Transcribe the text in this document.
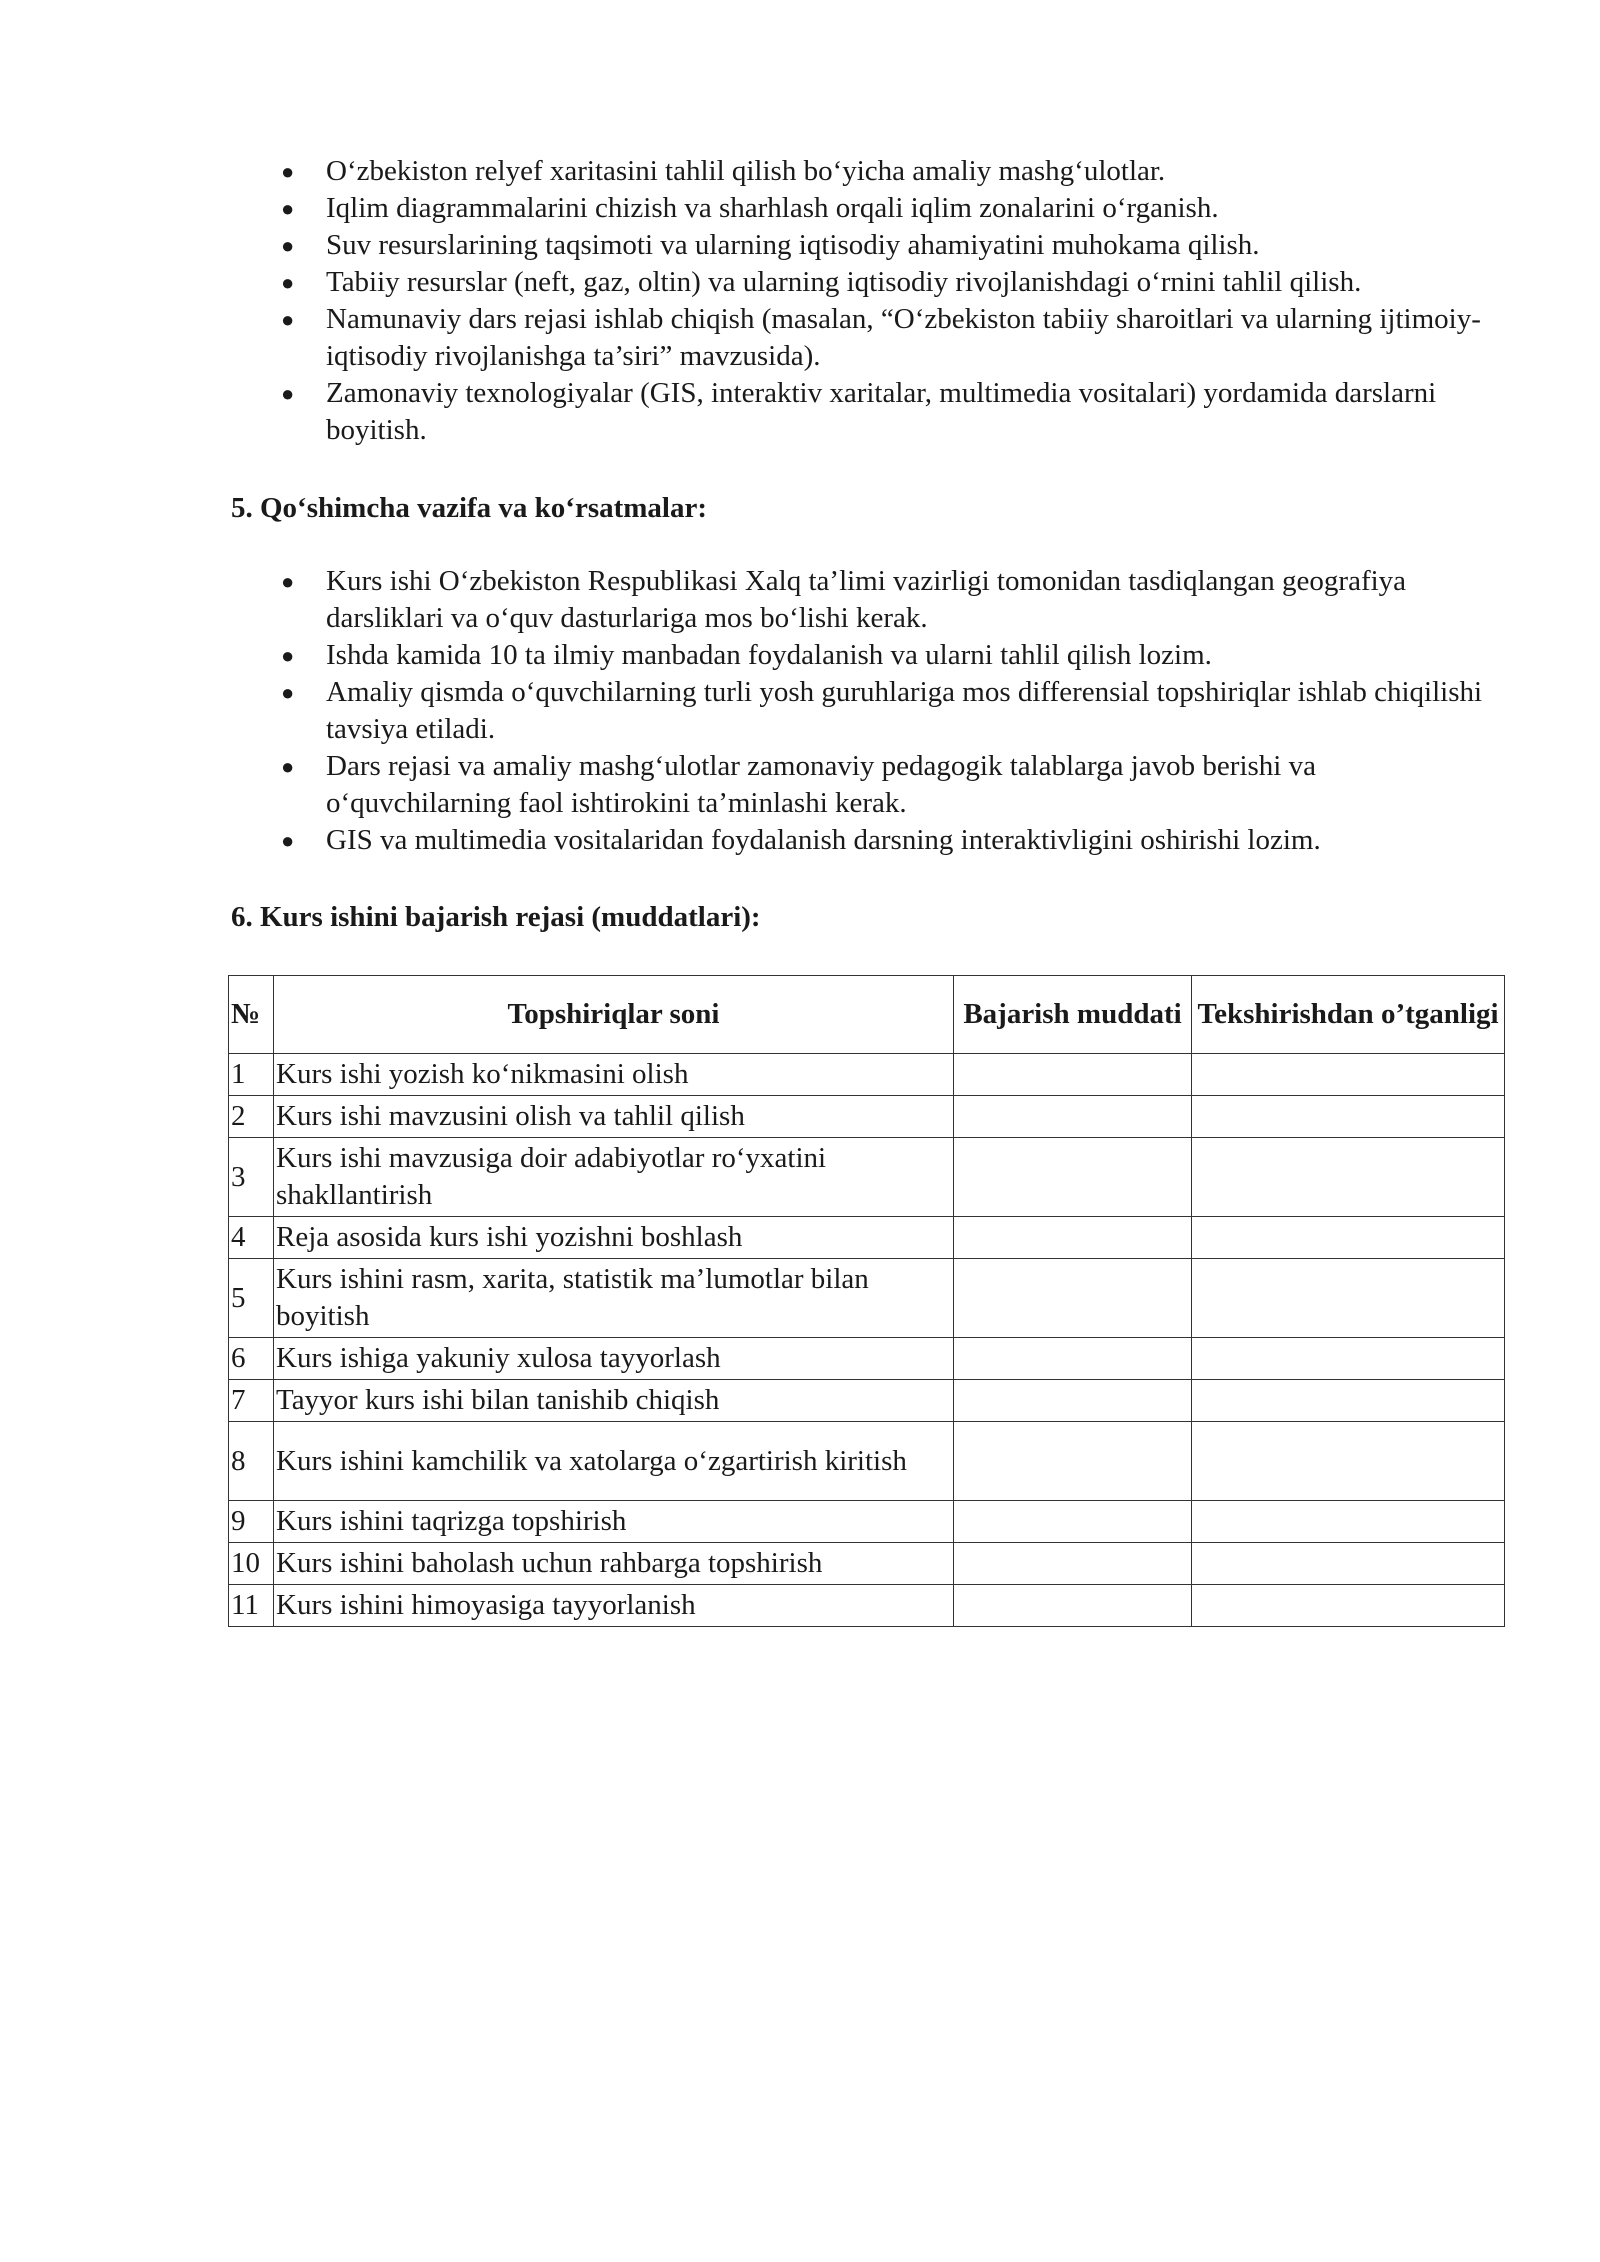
● O‘zbekiston relyef xaritasini tahlil qilish bo‘yicha amaliy mashg‘ulotlar.
● Iqlim diagrammalarini chizish va sharhlash orqali iqlim zonalarini o‘rganish.
● Suv resurslarining taqsimoti va ularning iqtisodiy ahamiyatini muhokama qilish.
● Tabiiy resurslar (neft, gaz, oltin) va ularning iqtisodiy rivojlanishdagi o‘rnini tahlil qilish.
● Namunaviy dars rejasi ishlab chiqish (masalan, “O‘zbekiston tabiiy sharoitlari va ularning ijtimoiy-iqtisodiy rivojlanishga ta’siri” mavzusida).
● Zamonaviy texnologiyalar (GIS, interaktiv xaritalar, multimedia vositalari) yordamida darslarni boyitish.
5. Qo‘shimcha vazifa va ko‘rsatmalar:
● Kurs ishi O‘zbekiston Respublikasi Xalq ta’limi vazirligi tomonidan tasdiqlangan geografiya darsliklari va o‘quv dasturlariga mos bo‘lishi kerak.
● Ishda kamida 10 ta ilmiy manbadan foydalanish va ularni tahlil qilish lozim.
● Amaliy qismda o‘quvchilarning turli yosh guruhlariga mos differensial topshiriqlar ishlab chiqilishi tavsiya etiladi.
● Dars rejasi va amaliy mashg‘ulotlar zamonaviy pedagogik talablarga javob berishi va o‘quvchilarning faol ishtirokini ta’minlashi kerak.
● GIS va multimedia vositalaridan foydalanish darsning interaktivligini oshirishi lozim.
6. Kurs ishini bajarish rejasi (muddatlari):
№	Topshiriqlar soni	Bajarish muddati	Tekshirishdan o’tganligi
1	Kurs ishi yozish ko‘nikmasini olish		
2	Kurs ishi mavzusini olish va tahlil qilish		
3	Kurs ishi mavzusiga doir adabiyotlar ro‘yxatini shakllantirish		
4	Reja asosida kurs ishi yozishni boshlash		
5	Kurs ishini rasm, xarita, statistik ma’lumotlar bilan boyitish		
6	Kurs ishiga yakuniy xulosa tayyorlash		
7	Tayyor kurs ishi bilan tanishib chiqish		
8	Kurs ishini kamchilik va xatolarga o‘zgartirish kiritish		
9	Kurs ishini taqrizga topshirish		
10	Kurs ishini baholash uchun rahbarga topshirish		
11	Kurs ishini himoyasiga tayyorlanish		
